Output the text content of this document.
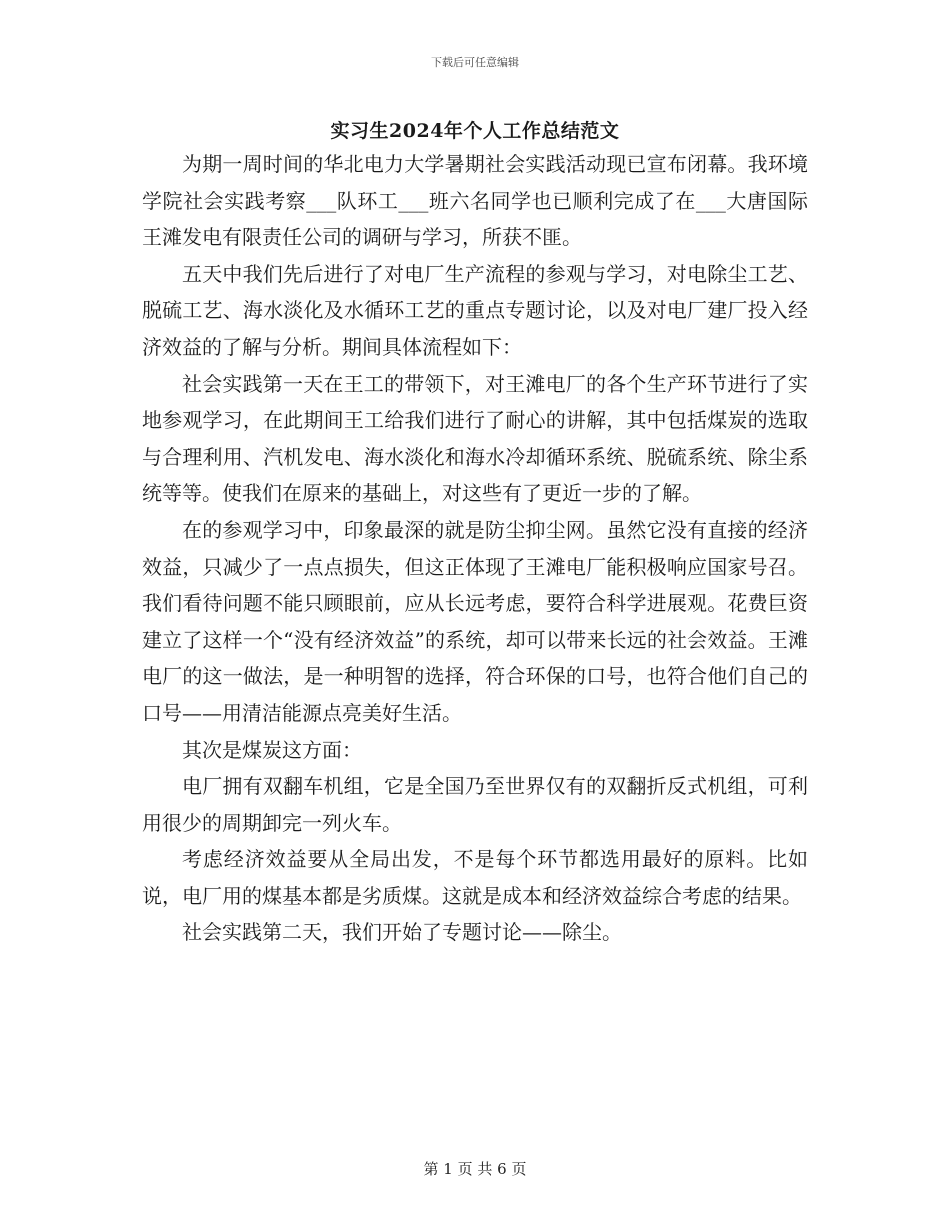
下载后可任意编辑
实习生2024年个人工作总结范文

为期一周时间的华北电力大学暑期社会实践活动现已宣布闭幕。我环境学院社会实践考察___队环工___班六名同学也已顺利完成了在___大唐国际王滩发电有限责任公司的调研与学习，所获不匪。

五天中我们先后进行了对电厂生产流程的参观与学习，对电除尘工艺、脱硫工艺、海水淡化及水循环工艺的重点专题讨论，以及对电厂建厂投入经济效益的了解与分析。期间具体流程如下：

社会实践第一天在王工的带领下，对王滩电厂的各个生产环节进行了实地参观学习，在此期间王工给我们进行了耐心的讲解，其中包括煤炭的选取与合理利用、汽机发电、海水淡化和海水冷却循环系统、脱硫系统、除尘系统等等。使我们在原来的基础上，对这些有了更近一步的了解。

在的参观学习中，印象最深的就是防尘抑尘网。虽然它没有直接的经济效益，只减少了一点点损失，但这正体现了王滩电厂能积极响应国家号召。我们看待问题不能只顾眼前，应从长远考虑，要符合科学进展观。花费巨资建立了这样一个“没有经济效益”的系统，却可以带来长远的社会效益。王滩电厂的这一做法，是一种明智的选择，符合环保的口号，也符合他们自己的口号——用清洁能源点亮美好生活。

其次是煤炭这方面：

电厂拥有双翻车机组，它是全国乃至世界仅有的双翻折反式机组，可利用很少的周期卸完一列火车。

考虑经济效益要从全局出发，不是每个环节都选用最好的原料。比如说，电厂用的煤基本都是劣质煤。这就是成本和经济效益综合考虑的结果。

社会实践第二天，我们开始了专题讨论——除尘。

第 1 页 共 6 页
